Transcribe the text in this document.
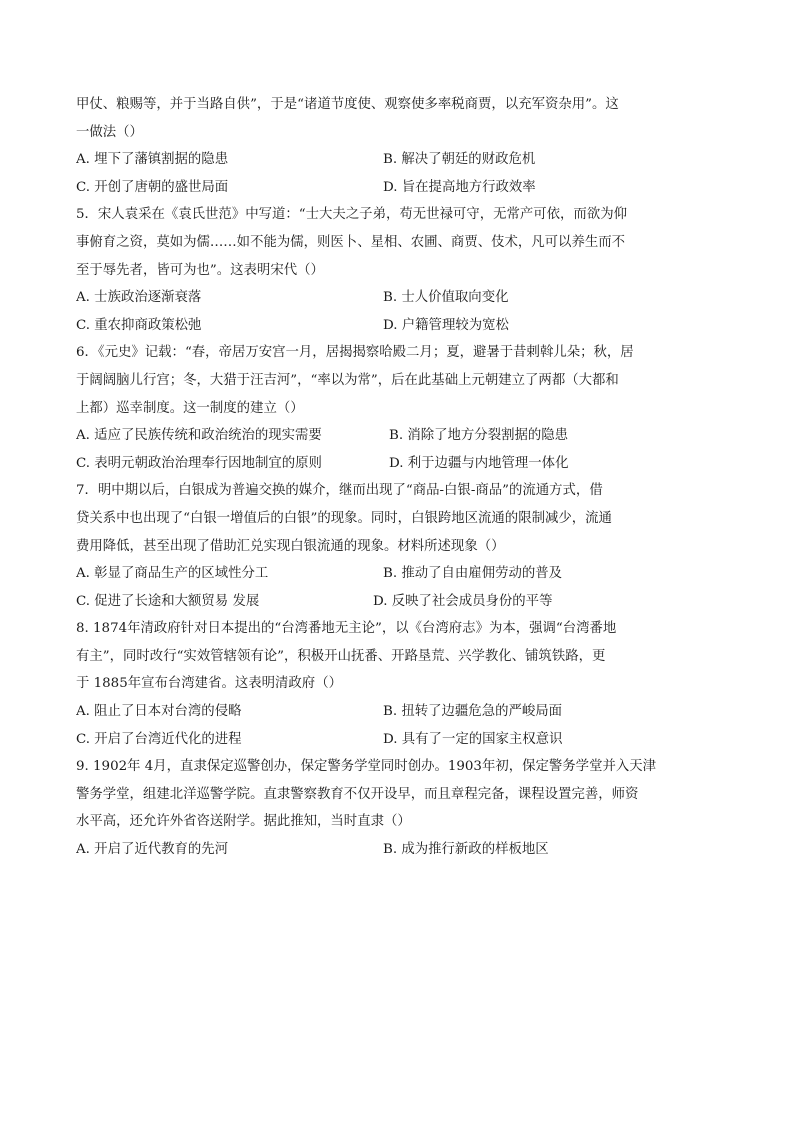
甲仗、粮赐等，并于当路自供”，于是“诸道节度使、观察使多率税商贾，以充军资杂用”。这
一做法（）
A. 埋下了藩镇割据的隐患	B. 解决了朝廷的财政危机
C. 开创了唐朝的盛世局面	D. 旨在提高地方行政效率
5．宋人袁采在《袁氏世范》中写道：“士大夫之子弟，苟无世禄可守，无常产可依，而欲为仰
事俯育之资，莫如为儒……如不能为儒，则医卜、星相、农圃、商贾、伎术，凡可以养生而不
至于辱先者，皆可为也”。这表明宋代（）
A. 士族政治逐渐衰落	B. 士人价值取向变化
C. 重农抑商政策松弛	D. 户籍管理较为宽松
6．《元史》记载：“春，帝居万安宫一月，居揭揭察哈殿二月；夏，避暑于昔剌斡儿朵；秋，居
于阔阔脑儿行宫；冬，大猎于汪吉河”，“率以为常”，后在此基础上元朝建立了两都（大都和
上都）巡幸制度。这一制度的建立（）
A. 适应了民族传统和政治统治的现实需要	B. 消除了地方分裂割据的隐患
C. 表明元朝政治治理奉行因地制宜的原则	D. 利于边疆与内地管理一体化
7．明中期以后，白银成为普遍交换的媒介，继而出现了“商品-白银-商品”的流通方式，借
贷关系中也出现了“白银一增值后的白银”的现象。同时，白银跨地区流通的限制减少，流通
费用降低，甚至出现了借助汇兑实现白银流通的现象。材料所述现象（）
A. 彰显了商品生产的区域性分工	B. 推动了自由雇佣劳动的普及
C. 促进了长途和大额贸易 发展	D. 反映了社会成员身份的平等
8. 1874年清政府针对日本提出的“台湾番地无主论”，以《台湾府志》为本，强调“台湾番地
有主”，同时改行“实效管辖领有论”，积极开山抚番、开路垦荒、兴学教化、铺筑铁路，更
于 1885年宣布台湾建省。这表明清政府（）
A. 阻止了日本对台湾的侵略	B. 扭转了边疆危急的严峻局面
C. 开启了台湾近代化的进程	D. 具有了一定的国家主权意识
9. 1902年 4月，直隶保定巡警创办，保定警务学堂同时创办。1903年初，保定警务学堂并入天津
警务学堂，组建北洋巡警学院。直隶警察教育不仅开设早，而且章程完备，课程设置完善，师资
水平高，还允许外省咨送附学。据此推知，当时直隶（）
A. 开启了近代教育的先河	B. 成为推行新政的样板地区
